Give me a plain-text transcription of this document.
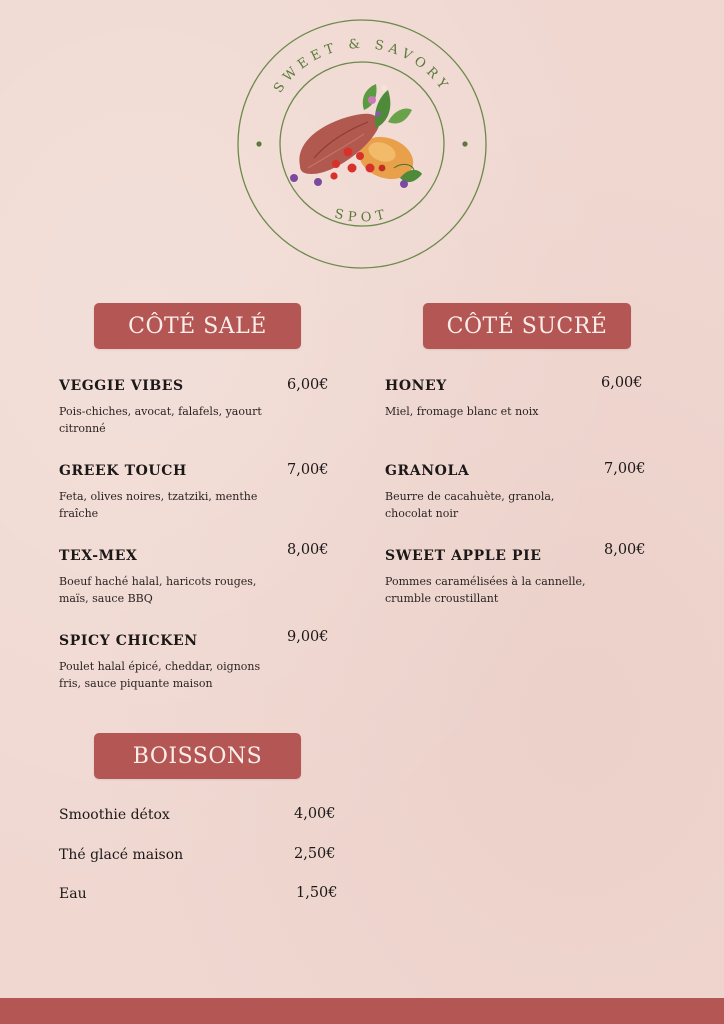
SWEET & SAVORY
SPOT
CÔTÉ SALÉ	CÔTÉ SUCRÉ
BOISSONS
VEGGIE VIBES	6,00€
Pois-chiches, avocat, falafels, yaourt citronné
GREEK TOUCH	7,00€
Feta, olives noires, tzatziki, menthe fraîche
TEX-MEX	8,00€
Boeuf haché halal, haricots rouges, maïs, sauce BBQ
SPICY CHICKEN	9,00€
Poulet halal épicé, cheddar, oignons fris, sauce piquante maison
HONEY	6,00€
Miel, fromage blanc et noix
GRANOLA	7,00€
Beurre de cacahuète, granola, chocolat noir
SWEET APPLE PIE	8,00€
Pommes caramélisées à la cannelle, crumble croustillant
Smoothie détox	4,00€
Thé glacé maison	2,50€
Eau	1,50€
